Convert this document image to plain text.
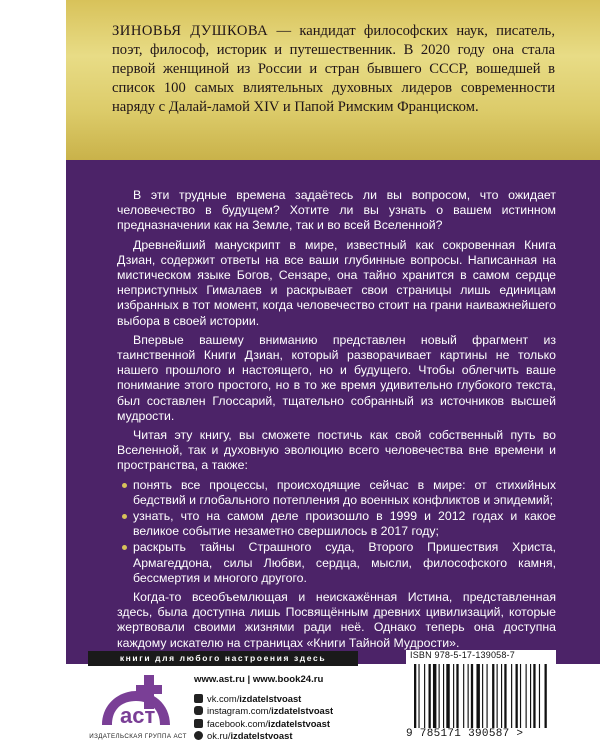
ЗИНОВЬЯ ДУШКОВА — кандидат философских наук, писатель, поэт, философ, историк и путешественник. В 2020 году она стала первой женщиной из России и стран бывшего СССР, вошедшей в список 100 самых влиятельных духовных лидеров современности наряду с Далай-ламой XIV и Папой Римским Франциском.

В эти трудные времена задаётесь ли вы вопросом, что ожидает человечество в будущем? Хотите ли вы узнать о вашем истинном предназначении как на Земле, так и во всей Вселенной?

Древнейший манускрипт в мире, известный как сокровенная Книга Дзиан, содержит ответы на все ваши глубинные вопросы. Написанная на мистическом языке Богов, Сензаре, она тайно хранится в самом сердце неприступных Гималаев и раскрывает свои страницы лишь единицам избранных в тот момент, когда человечество стоит на грани наиважнейшего выбора в своей истории.

Впервые вашему вниманию представлен новый фрагмент из таинственной Книги Дзиан, который разворачивает картины не только нашего прошлого и настоящего, но и будущего. Чтобы облегчить ваше понимание этого простого, но в то же время удивительно глубокого текста, был составлен Глоссарий, тщательно собранный из источников высшей мудрости.

Читая эту книгу, вы сможете постичь как свой собственный путь во Вселенной, так и духовную эволюцию всего человечества вне времени и пространства, а также:

понять все процессы, происходящие сейчас в мире: от стихийных бедствий и глобального потепления до военных конфликтов и эпидемий;
узнать, что на самом деле произошло в 1999 и 2012 годах и какое великое событие незаметно свершилось в 2017 году;
раскрыть тайны Страшного суда, Второго Пришествия Христа, Армагеддона, силы Любви, сердца, мысли, философского камня, бессмертия и многого другого.

Когда-то всеобъемлющая и неискажённая Истина, представленная здесь, была доступна лишь Посвящённым древних цивилизаций, которые жертвовали своими жизнями ради неё. Однако теперь она доступна каждому искателю на страницах «Книги Тайной Мудрости».

книги для любого настроения здесь
аст
ИЗДАТЕЛЬСКАЯ ГРУППА АСТ
www.ast.ru | www.book24.ru
vk.com/ izdatelstvoast
instagram.com/ izdatelstvoast
facebook.com/ izdatelstvoast
ok.ru/ izdatelstvoast
ISBN 978-5-17-139058-7
9 785171 390587 >
